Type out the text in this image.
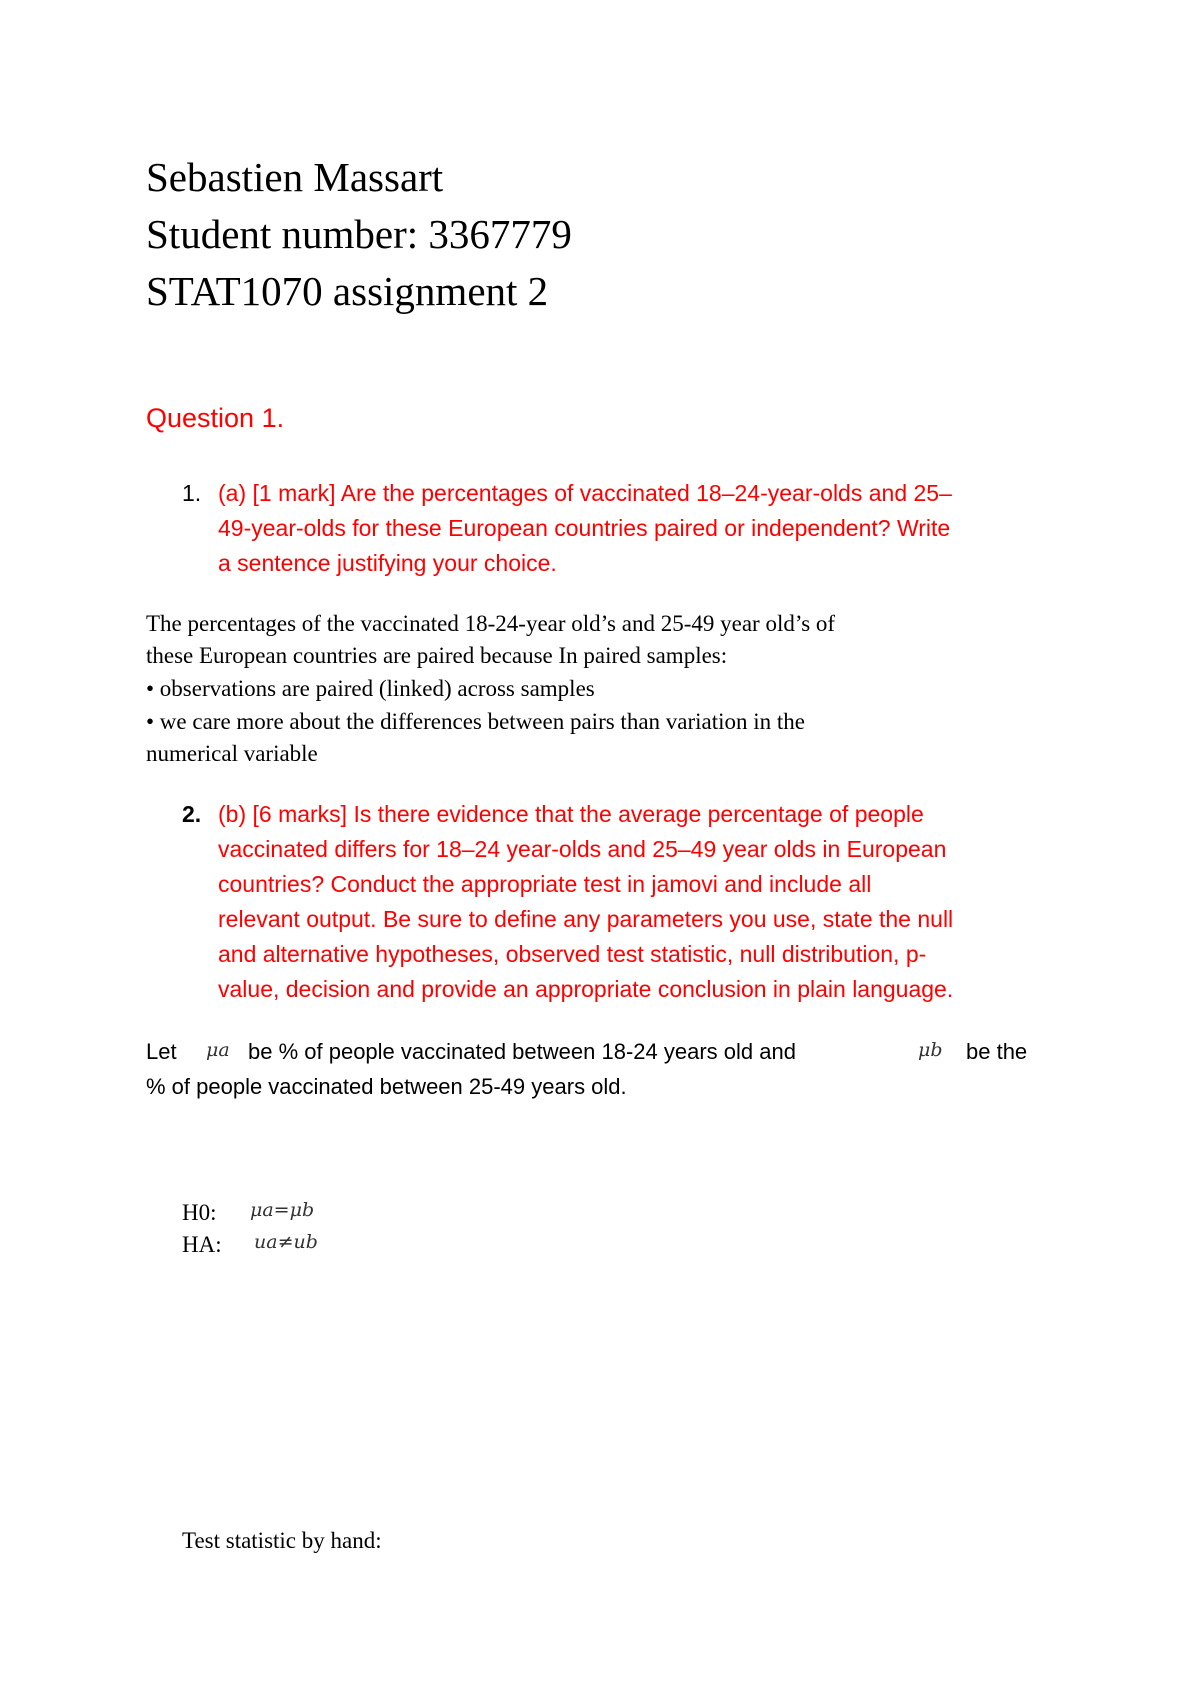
Sebastien Massart
Student number: 3367779
STAT1070 assignment 2
Question 1.
1. (a) [1 mark] Are the percentages of vaccinated 18–24-year-olds and 25–
49-year-olds for these European countries paired or independent? Write
a sentence justifying your choice.
The percentages of the vaccinated 18-24-year old’s and 25-49 year old’s of
these European countries are paired because In paired samples:
• observations are paired (linked) across samples
• we care more about the differences between pairs than variation in the
numerical variable
2. (b) [6 marks] Is there evidence that the average percentage of people
vaccinated differs for 18–24 year-olds and 25–49 year olds in European
countries? Conduct the appropriate test in jamovi and include all
relevant output. Be sure to define any parameters you use, state the null
and alternative hypotheses, observed test statistic, null distribution, p-
value, decision and provide an appropriate conclusion in plain language.
Let μa be % of people vaccinated between 18-24 years old and	μb be the
% of people vaccinated between 25-49 years old.
H0: μa=μb
HA: ua≠ub
Test statistic by hand:
